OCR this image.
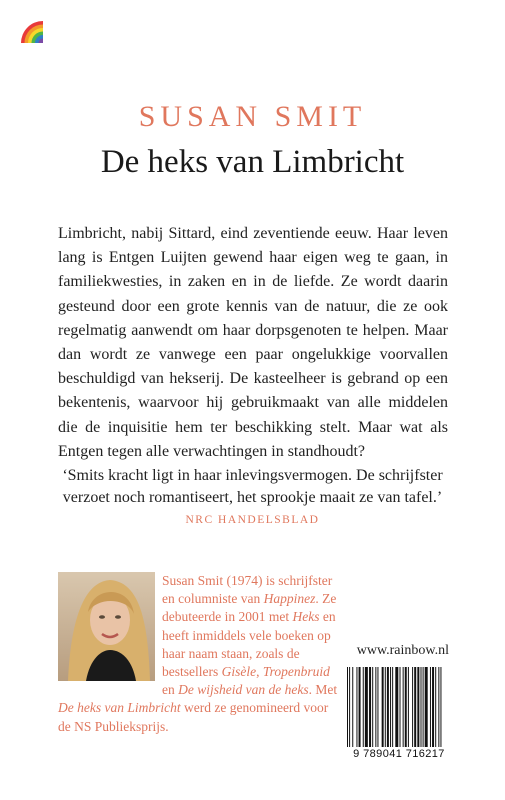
SUSAN SMIT
De heks van Limbricht

Limbricht, nabij Sittard, eind zeventiende eeuw. Haar leven lang is Entgen Luijten gewend haar eigen weg te gaan, in familiekwesties, in zaken en in de liefde. Ze wordt daarin gesteund door een grote kennis van de natuur, die ze ook regelmatig aanwendt om haar dorpsgenoten te helpen. Maar dan wordt ze vanwege een paar ongelukkige voorvallen beschuldigd van hekserij. De kasteelheer is gebrand op een bekentenis, waarvoor hij gebruikmaakt van alle middelen die de inquisitie hem ter beschikking stelt. Maar wat als Entgen tegen alle verwachtingen in standhoudt?

‘Smits kracht ligt in haar inlevingsvermogen. De schrijfster verzoet noch romantiseert, het sprookje maait ze van tafel.’

NRC HANDELSBLAD
Susan Smit (1974) is schrijfster en columniste van Happinez. Ze debuteerde in 2001 met Heks en heeft inmiddels vele boeken op haar naam staan, zoals de bestsellers Gisèle, Tropenbruid en De wijsheid van de heks. Met De heks van Limbricht werd ze genomineerd voor de NS Publieksprijs.
www.rainbow.nl
9 789041 716217
